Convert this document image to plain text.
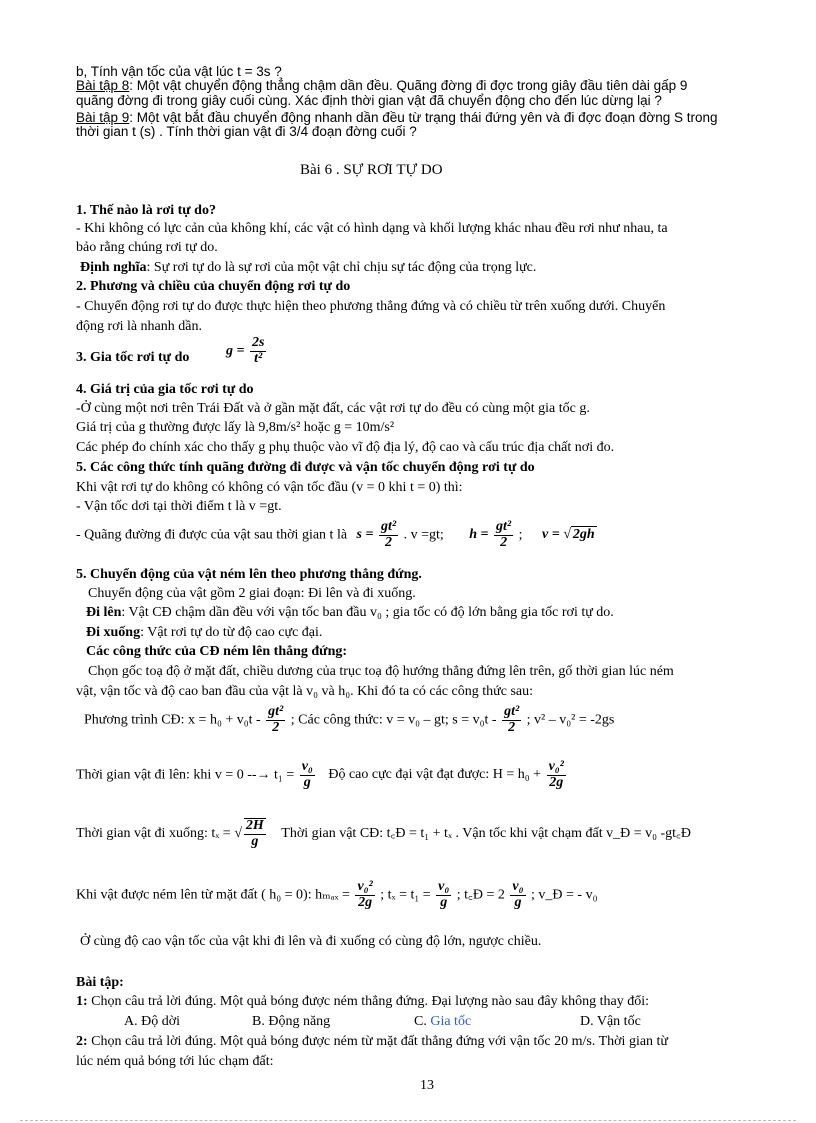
b, Tính vận tốc của vật lúc t = 3s ?
Bài tập 8: Một vật chuyển động thẳng chậm dần đều. Quãng đờng đi đợc trong giây đầu tiên dài gấp 9
quãng đờng đi trong giây cuối cùng. Xác định thời gian vật đã chuyển động cho đến lúc dừng lại ?
Bài tập 9: Một vật bắt đầu chuyển động nhanh dần đều từ trạng thái đứng yên và đi đợc đoạn đờng S trong
thời gian t (s) . Tính thời gian vật đi 3/4 đoạn đờng cuối ?
Bài 6 . SỰ RƠI TỰ DO
1. Thế nào là rơi tự do?
- Khi không có lực cản của không khí, các vật có hình dạng và khối lượng khác nhau đều rơi như nhau, ta
bảo rằng chúng rơi tự do.
Định nghĩa: Sự rơi tự do là sự rơi của một vật chỉ chịu sự tác động của trọng lực.
2. Phương và chiều của chuyển động rơi tự do
- Chuyển động rơi tự do được thực hiện theo phương thẳng đứng và có chiều từ trên xuống dưới. Chuyển
động rơi là nhanh dần.
3. Gia tốc rơi tự do	$g = \frac{2s}{\text{t²}}$
4. Giá trị của gia tốc rơi tự do
-Ở cùng một nơi trên Trái Đất và ở gần mặt đất, các vật rơi tự do đều có cùng một gia tốc g.
Giá trị của g thường được lấy là 9,8m/s² hoặc g = 10m/s²
Các phép đo chính xác cho thấy g phụ thuộc vào vĩ độ địa lý, độ cao và cấu trúc địa chất nơi đo.
5. Các công thức tính quãng đường đi được và vận tốc chuyển động rơi tự do
Khi vật rơi tự do không có không có vận tốc đầu (v = 0 khi t = 0) thì:
- Vận tốc dơi tại thời điểm t là v =gt.
- Quãng đường đi được của vật sau thời gian t là $s = \frac{\text{gt²}}{2}$ . v =gt; $h = \frac{\text{gt²}}{2}$ ; v = √ 2gh
5. Chuyển động của vật ném lên theo phương thẳng đứng.
Chuyển động của vật gồm 2 giai đoạn: Đi lên và đi xuống.
Đi lên: Vật CĐ chậm dần đều với vận tốc ban đầu v₀ ; gia tốc có độ lớn bằng gia tốc rơi tự do.
Đi xuống: Vật rơi tự do từ độ cao cực đại.
Các công thức của CĐ ném lên thẳng đứng:
Chọn gốc toạ độ ở mặt đất, chiều dương của trục toạ độ hướng thẳng đứng lên trên, gố thời gian lúc ném
vật, vận tốc và độ cao ban đầu của vật là v₀ và h₀. Khi đó ta có các công thức sau:
Phương trình CĐ: $x = h_0 + v_0t - \frac{\text{gt²}}{2}$ ; Các công thức: v = v₀ – gt; $s = v_0t - \frac{\text{gt²}}{2}$ ; v² – v₀² = -2gs
Thời gian vật đi lên: khi v = 0 --→ $t_1 = \frac{\text{v₀}}{g}$ Độ cao cực đại vật đạt được: $H = h_0 + \frac{\text{v₀²}}{2g}$
Thời gian vật đi xuống: tₓ = √ $\frac{2H}{g}$ Thời gian vật CĐ: t꜀Đ = t₁ + tₓ . Vận tốc khi vật chạm đất v_Đ = v₀ -gt꜀Đ
Khi vật được ném lên từ mặt đất ( h₀ = 0): $h_{max} = \frac{\text{v₀²}}{2g}$ ; $t_x = t_1 = \frac{\text{v₀}}{g}$ ; t꜀Đ = $2 \frac{\text{v₀}}{g}$ ; v_Đ = - v₀
Ở cùng độ cao vận tốc của vật khi đi lên và đi xuống có cùng độ lớn, ngược chiều.
Bài tập:
1: Chọn câu trả lời đúng. Một quả bóng được ném thẳng đứng. Đại lượng nào sau đây không thay đổi:
A. Độ dời	B. Động năng	C. Gia tốc	D. Vận tốc
2: Chọn câu trả lời đúng. Một quả bóng được ném từ mặt đất thẳng đứng với vận tốc 20 m/s. Thời gian từ
lúc ném quả bóng tới lúc chạm đất:
13
